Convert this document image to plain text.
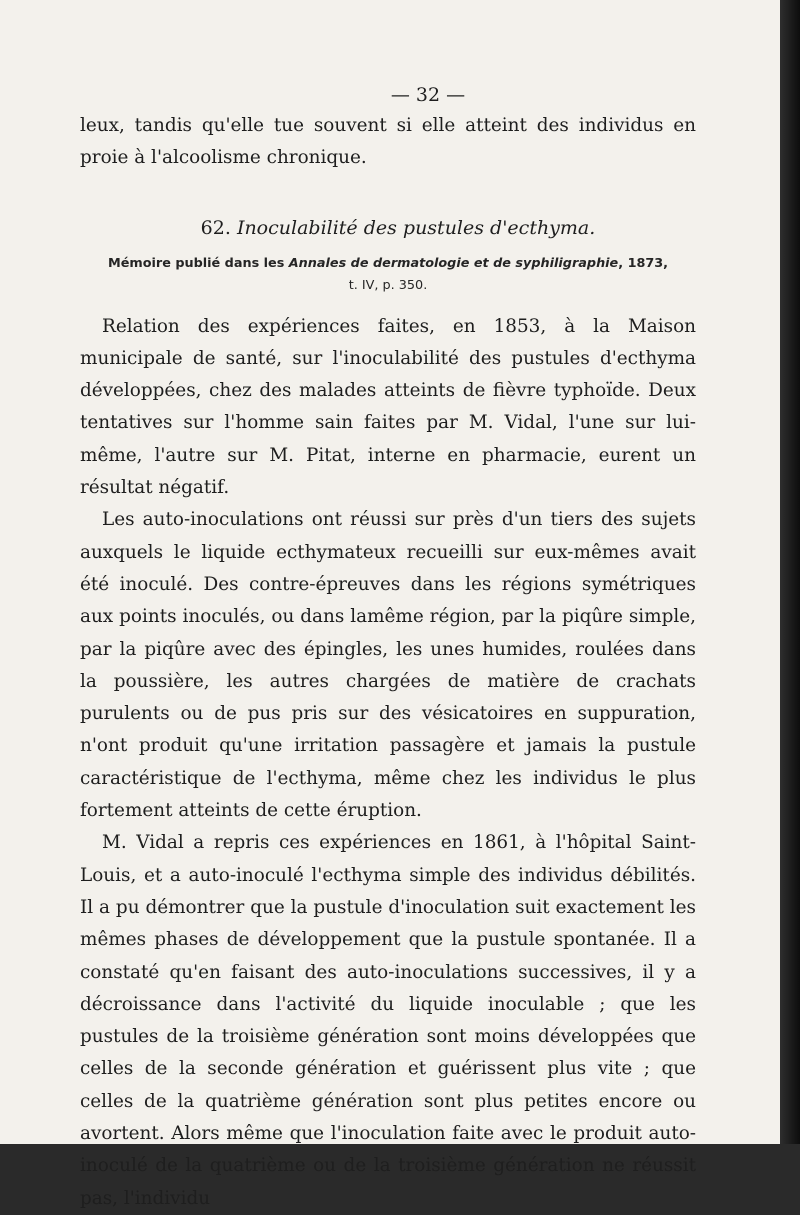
— 32 —

leux, tandis qu'elle tue souvent si elle atteint des individus en proie à l'alcoolisme chronique.

62. Inoculabilité des pustules d'ecthyma.
Mémoire publié dans les Annales de dermatologie et de syphiligraphie, 1873,
t. IV, p. 350.

Relation des expériences faites, en 1853, à la Maison municipale de santé, sur l'inoculabilité des pustules d'ecthyma développées, chez des malades atteints de fièvre typhoïde. Deux tentatives sur l'homme sain faites par M. Vidal, l'une sur lui-même, l'autre sur M. Pitat, interne en pharmacie, eurent un résultat négatif.

Les auto-inoculations ont réussi sur près d'un tiers des sujets auxquels le liquide ecthymateux recueilli sur eux-mêmes avait été inoculé. Des contre-épreuves dans les régions symétriques aux points inoculés, ou dans lamême région, par la piqûre simple, par la piqûre avec des épingles, les unes humides, roulées dans la poussière, les autres chargées de matière de crachats purulents ou de pus pris sur des vésicatoires en suppuration, n'ont produit qu'une irritation passagère et jamais la pustule caractéristique de l'ecthyma, même chez les individus le plus fortement atteints de cette éruption.

M. Vidal a repris ces expériences en 1861, à l'hôpital Saint-Louis, et a auto-inoculé l'ecthyma simple des individus débilités. Il a pu démontrer que la pustule d'inoculation suit exactement les mêmes phases de développement que la pustule spontanée. Il a constaté qu'en faisant des auto-inoculations successives, il y a décroissance dans l'activité du liquide inoculable ; que les pustules de la troisième génération sont moins développées que celles de la seconde génération et guérissent plus vite ; que celles de la quatrième génération sont plus petites encore ou avortent. Alors même que l'inoculation faite avec le produit auto-inoculé de la quatrième ou de la troisième génération ne réussit pas, l'individu
